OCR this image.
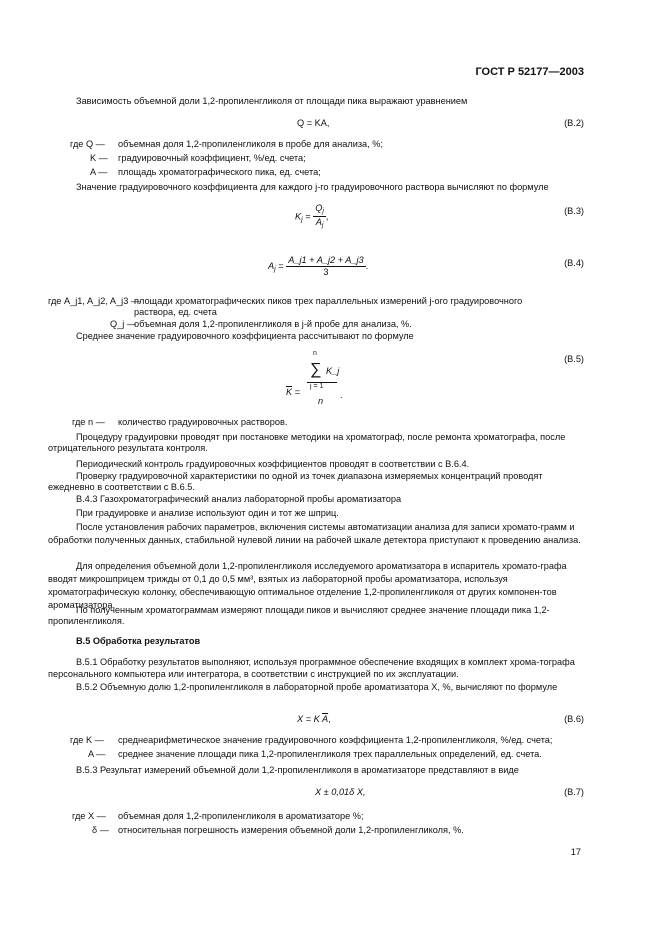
ГОСТ Р 52177—2003
Зависимость объемной доли 1,2-пропиленгликоля от площади пика выражают уравнением
Q = KA,	(В.2)
где Q — объемная доля 1,2-пропиленгликоля в пробе для анализа, %;
K — градуировочный коэффициент, %/ед. счета;
A — площадь хроматографического пика, ед. счета;
Значение градуировочного коэффициента для каждого j-го градуировочного раствора вычисляют по формуле
$K_j = \frac{Q_j}{A_j}$ ,
(В.3)
$A_j = \frac{A\_j1 + A\_j2 + A\_j3}{3}$ .	(В.4)
где A_j1, A_j2, A_j3 —
площади хроматографических пиков трех параллельных измерений j-ого градуировочного
раствора, ед. счета
Q_j —
объемная доля 1,2-пропиленгликоля в j-й пробе для анализа, %.
Среднее значение градуировочного коэффициента рассчитывают по формуле
n
∑ K_j
$\overline{K}$ =
j = 1
n
.
(В.5)
где n — количество градуировочных растворов.
Процедуру градуировки проводят при постановке методики на хроматограф, после ремонта хроматографа, после отрицательного результата контроля.
Периодический контроль градуировочных коэффициентов проводят в соответствии с В.6.4.
Проверку градуировочной характеристики по одной из точек диапазона измеряемых концентраций проводят ежедневно в соответствии с В.6.5.
В.4.3 Газохроматографический анализ лабораторной пробы ароматизатора
При градуировке и анализе используют один и тот же шприц.
После установления рабочих параметров, включения системы автоматизации анализа для записи хромато-грамм и обработки полученных данных, стабильной нулевой линии на рабочей шкале детектора приступают к проведению анализа.
Для определения объемной доли 1,2-пропиленгликоля исследуемого ароматизатора в испаритель хромато-графа вводят микрошприцем трижды от 0,1 до 0,5 мм³, взятых из лабораторной пробы ароматизатора, используя хроматографическую колонку, обеспечивающую оптимальное отделение 1,2-пропиленгликоля от других компонен-тов ароматизатора.
По полученным хроматограммам измеряют площади пиков и вычисляют среднее значение площади пика 1,2-пропиленгликоля.
В.5 Обработка результатов
В.5.1 Обработку результатов выполняют, используя программное обеспечение входящих в комплект хрома-тографа персонального компьютера или интегратора, в соответствии с инструкцией по их эксплуатации.
В.5.2 Объемную долю 1,2-пропиленгликоля в лабораторной пробе ароматизатора X, %, вычисляют по формуле
X = K $\overline{A}$,	(В.6)
где K — среднеарифметическое значение градуировочного коэффициента 1,2-пропиленгликоля, %/ед. счета;
A — среднее значение площади пика 1,2-пропиленгликоля трех параллельных определений, ед. счета.
В.5.3 Результат измерений объемной доли 1,2-пропиленгликоля в ароматизаторе представляют в виде
X ± 0,01δ X,	(В.7)
где X — объемная доля 1,2-пропиленгликоля в ароматизаторе %;
δ — относительная погрешность измерения объемной доли 1,2-пропиленгликоля, %.
17
